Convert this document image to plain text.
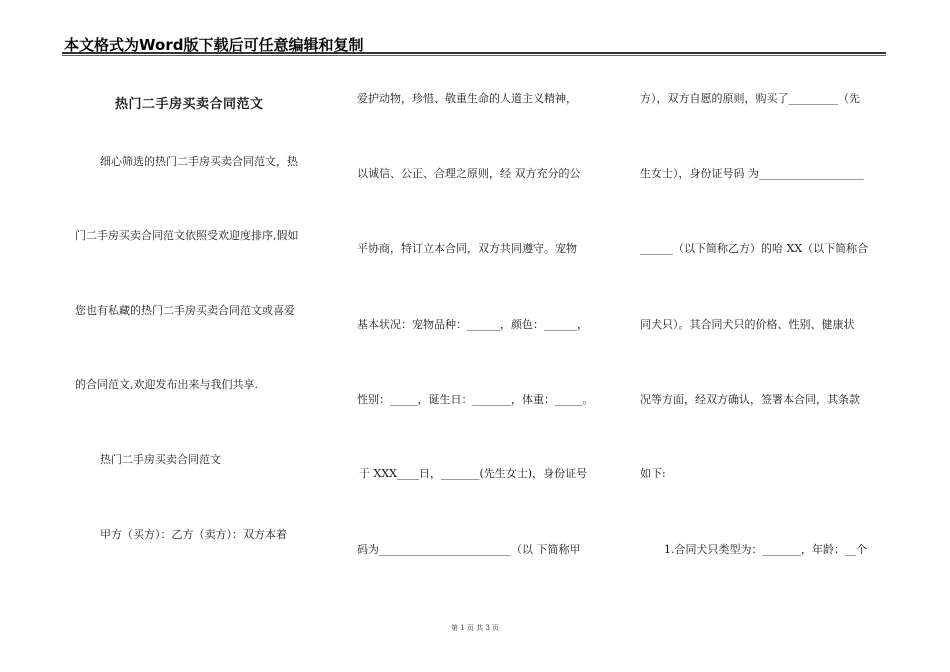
本文格式为Word版下载后可任意编辑和复制
热门二手房买卖合同范文
细心筛选的热门二手房买卖合同范文，热
门二手房买卖合同范文依照受欢迎度排序,假如
您也有私藏的热门二手房买卖合同范文或喜爱
的合同范文,欢迎发布出来与我们共享.
热门二手房买卖合同范文
甲方（买方）：乙方（卖方）：双方本着
爱护动物，珍惜、敬重生命的人道主义精神，
以诚信、公正、合理之原则，经 双方充分的公
平协商，特订立本合同，双方共同遵守。宠物
基本状况：宠物品种：______，颜色：______，
性别：_____，诞生日：_______，体重：_____。
于 XXX____日，_______(先生女士)，身份证号
码为________________________（以 下简称甲
方），双方自愿的原则，购买了_________（先
生女士），身份证号码 为___________________
______（以下简称乙方）的哈 XX（以下简称合
同犬只）。其合同犬只的价格、性别、健康状
况等方面，经双方确认，签署本合同，其条款
如下:
1.合同犬只类型为：_______，年龄：__个
第 1 页 共 3 页
